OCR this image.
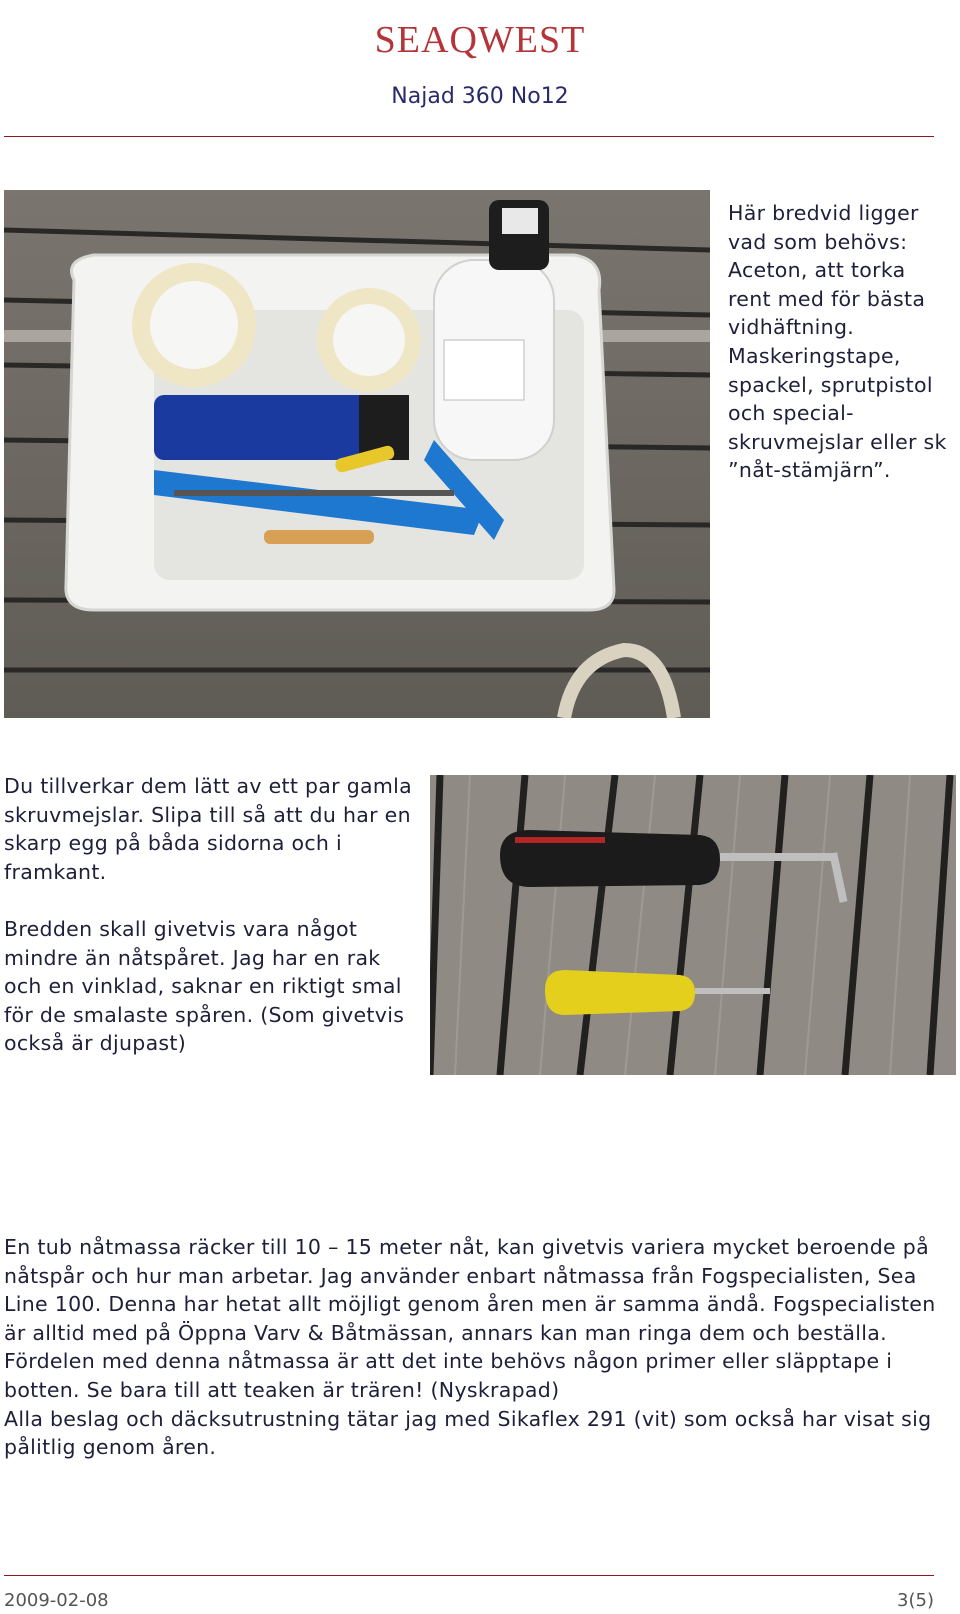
SEAQWEST
Najad 360 No12
Här bredvid ligger vad som behövs: Aceton, att torka rent med för bästa vidhäftning. Maskeringstape, spackel, sprutpistol och special-skruvmejslar eller sk ”nåt-stämjärn”.
Du tillverkar dem lätt av ett par gamla skruvmejslar. Slipa till så att du har en skarp egg på båda sidorna och i framkant.
Bredden skall givetvis vara något mindre än nåtspåret. Jag har en rak och en vinklad, saknar en riktigt smal för de smalaste spåren. (Som givetvis också är djupast)

En tub nåtmassa räcker till 10 – 15 meter nåt, kan givetvis variera mycket beroende på nåtspår och hur man arbetar. Jag använder enbart nåtmassa från Fogspecialisten, Sea Line 100. Denna har hetat allt möjligt genom åren men är samma ändå. Fogspecialisten är alltid med på Öppna Varv & Båtmässan, annars kan man ringa dem och beställa.

Fördelen med denna nåtmassa är att det inte behövs någon primer eller släpptape i botten. Se bara till att teaken är trären! (Nyskrapad)

Alla beslag och däcksutrustning tätar jag med Sikaflex 291 (vit) som också har visat sig pålitlig genom åren.

2009-02-08	3(5)
